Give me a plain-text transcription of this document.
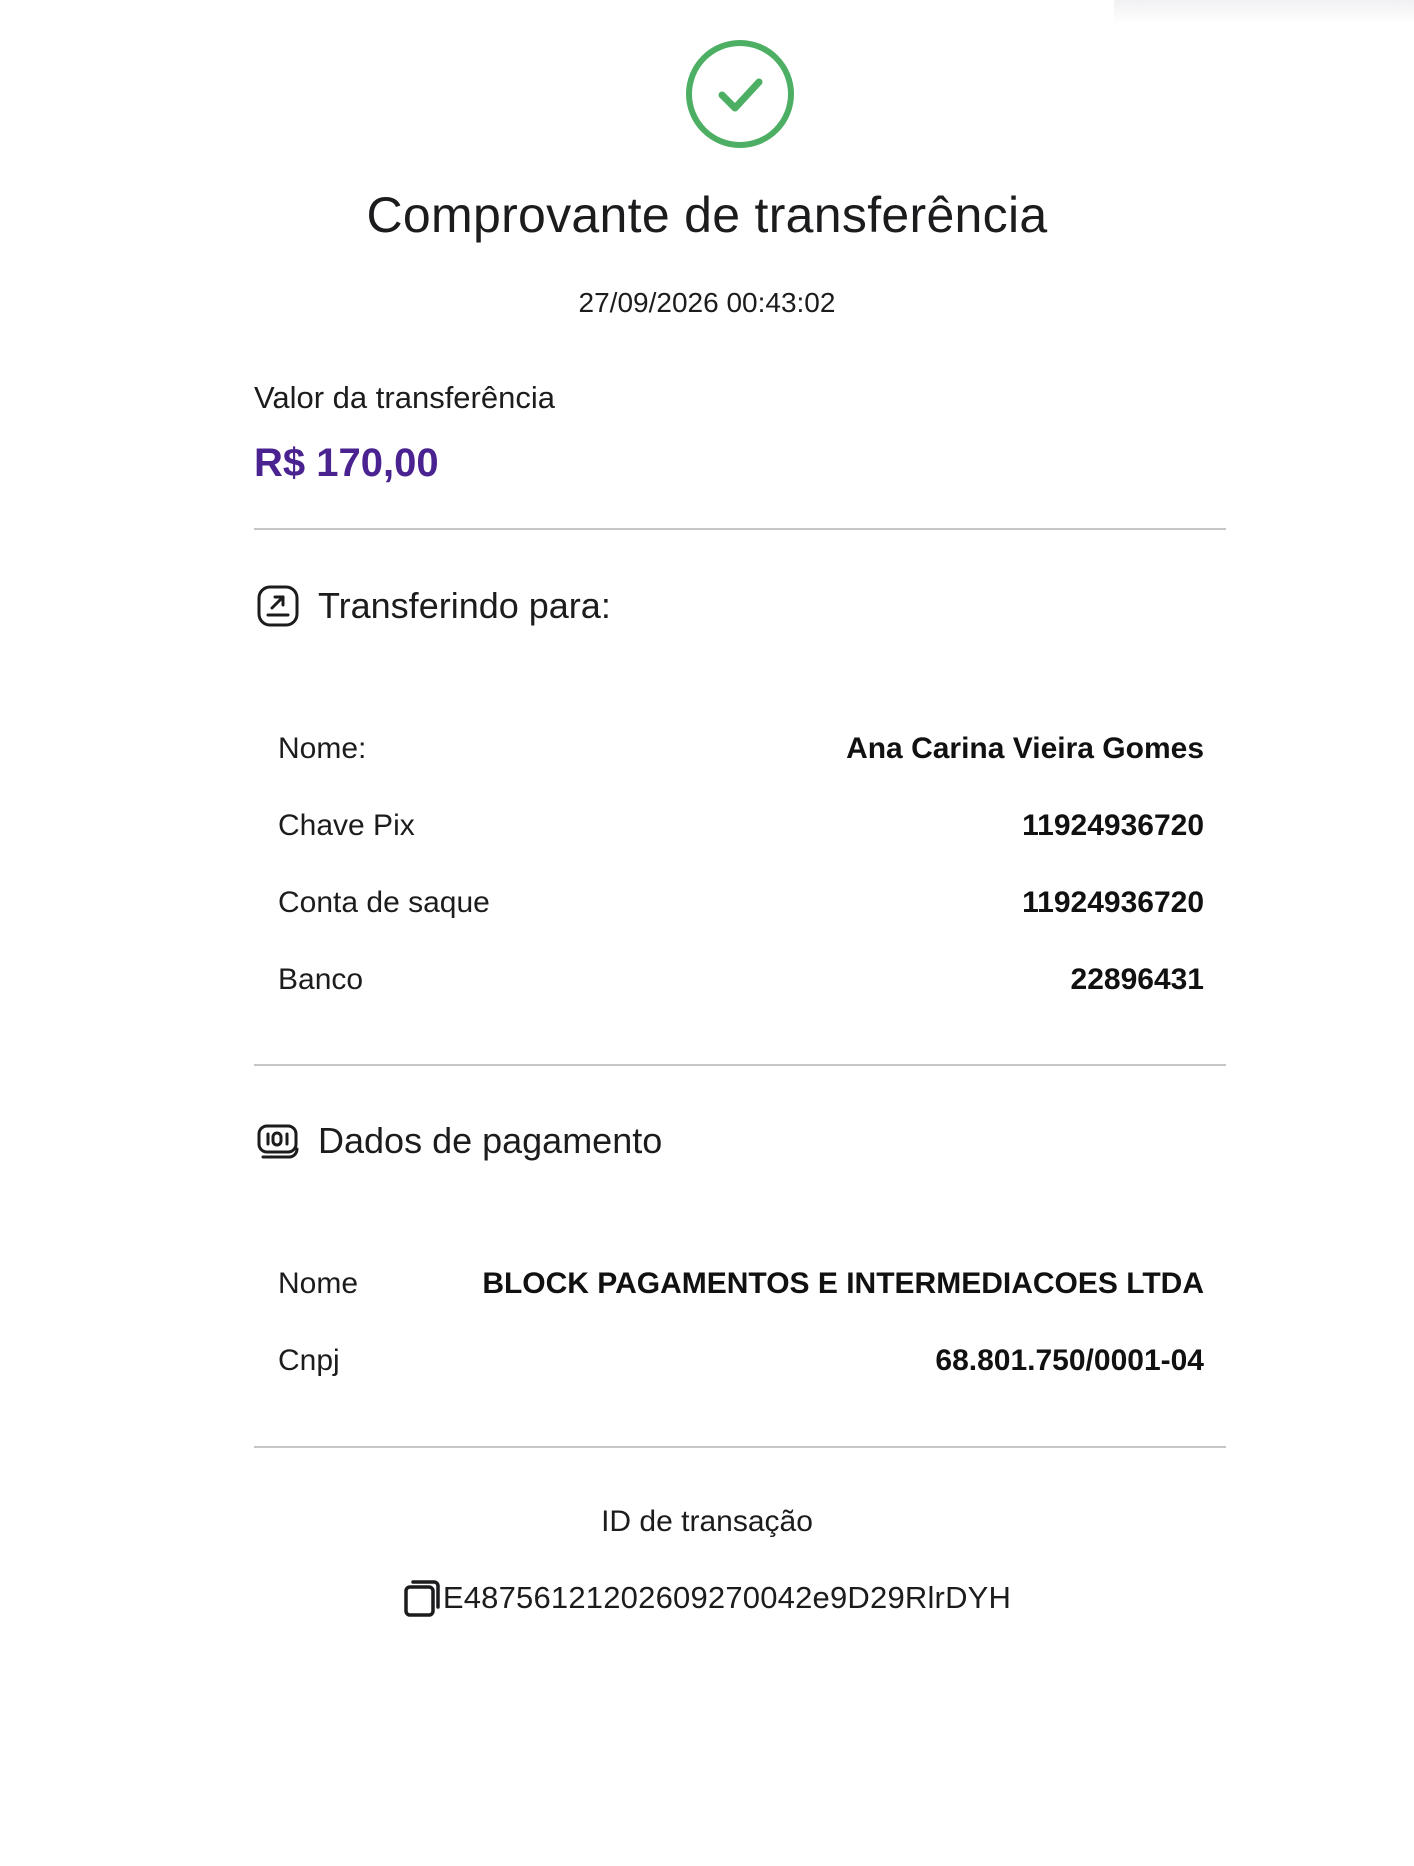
Comprovante de transferência
27/09/2026 00:43:02
Valor da transferência
R$ 170,00
Transferindo para:
Nome:	Ana Carina Vieira Gomes
Chave Pix	11924936720
Conta de saque	11924936720
Banco	22896431
Dados de pagamento
Nome	BLOCK PAGAMENTOS E INTERMEDIACOES LTDA
Cnpj	68.801.750/0001-04
ID de transação
E48756121202609270042e9D29RlrDYH
